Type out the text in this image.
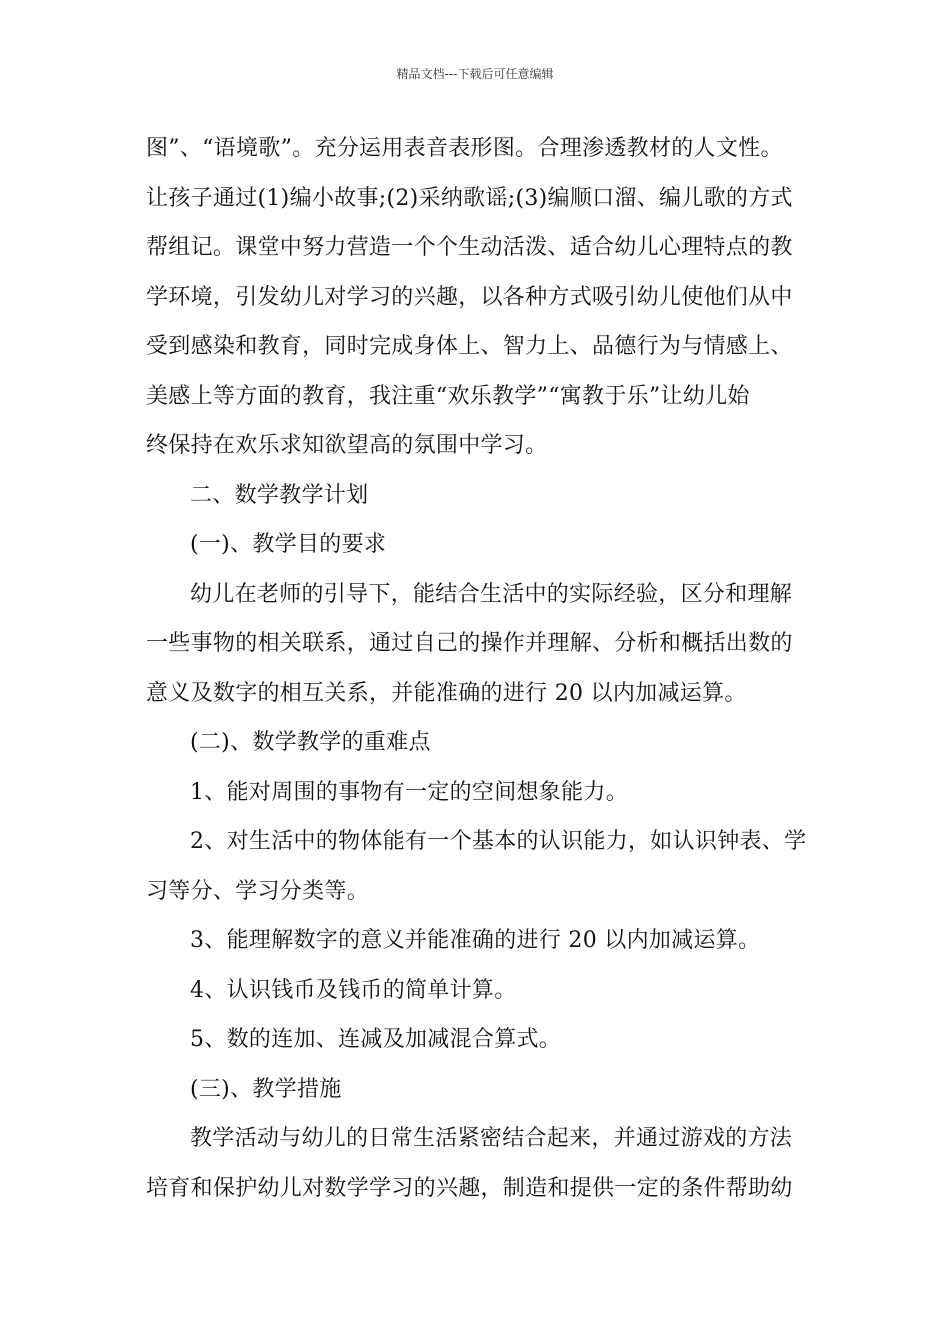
精品文档---下载后可任意编辑
图”、“语境歌”。充分运用表音表形图。合理渗透教材的人文性。
让孩子通过(1)编小故事;(2)采纳歌谣;(3)编顺口溜、编儿歌的方式
帮组记。课堂中努力营造一个个生动活泼、适合幼儿心理特点的教
学环境，引发幼儿对学习的兴趣，以各种方式吸引幼儿使他们从中
受到感染和教育，同时完成身体上、智力上、品德行为与情感上、
美感上等方面的教育，我注重“欢乐教学”“寓教于乐”让幼儿始
终保持在欢乐求知欲望高的氛围中学习。
二、数学教学计划
(一)、教学目的要求
幼儿在老师的引导下，能结合生活中的实际经验，区分和理解
一些事物的相关联系，通过自己的操作并理解、分析和概括出数的
意义及数字的相互关系，并能准确的进行 20 以内加减运算。
(二)、数学教学的重难点
1、能对周围的事物有一定的空间想象能力。
2、对生活中的物体能有一个基本的认识能力，如认识钟表、学
习等分、学习分类等。
3、能理解数字的意义并能准确的进行 20 以内加减运算。
4、认识钱币及钱币的简单计算。
5、数的连加、连减及加减混合算式。
(三)、教学措施
教学活动与幼儿的日常生活紧密结合起来，并通过游戏的方法
培育和保护幼儿对数学学习的兴趣，制造和提供一定的条件帮助幼
